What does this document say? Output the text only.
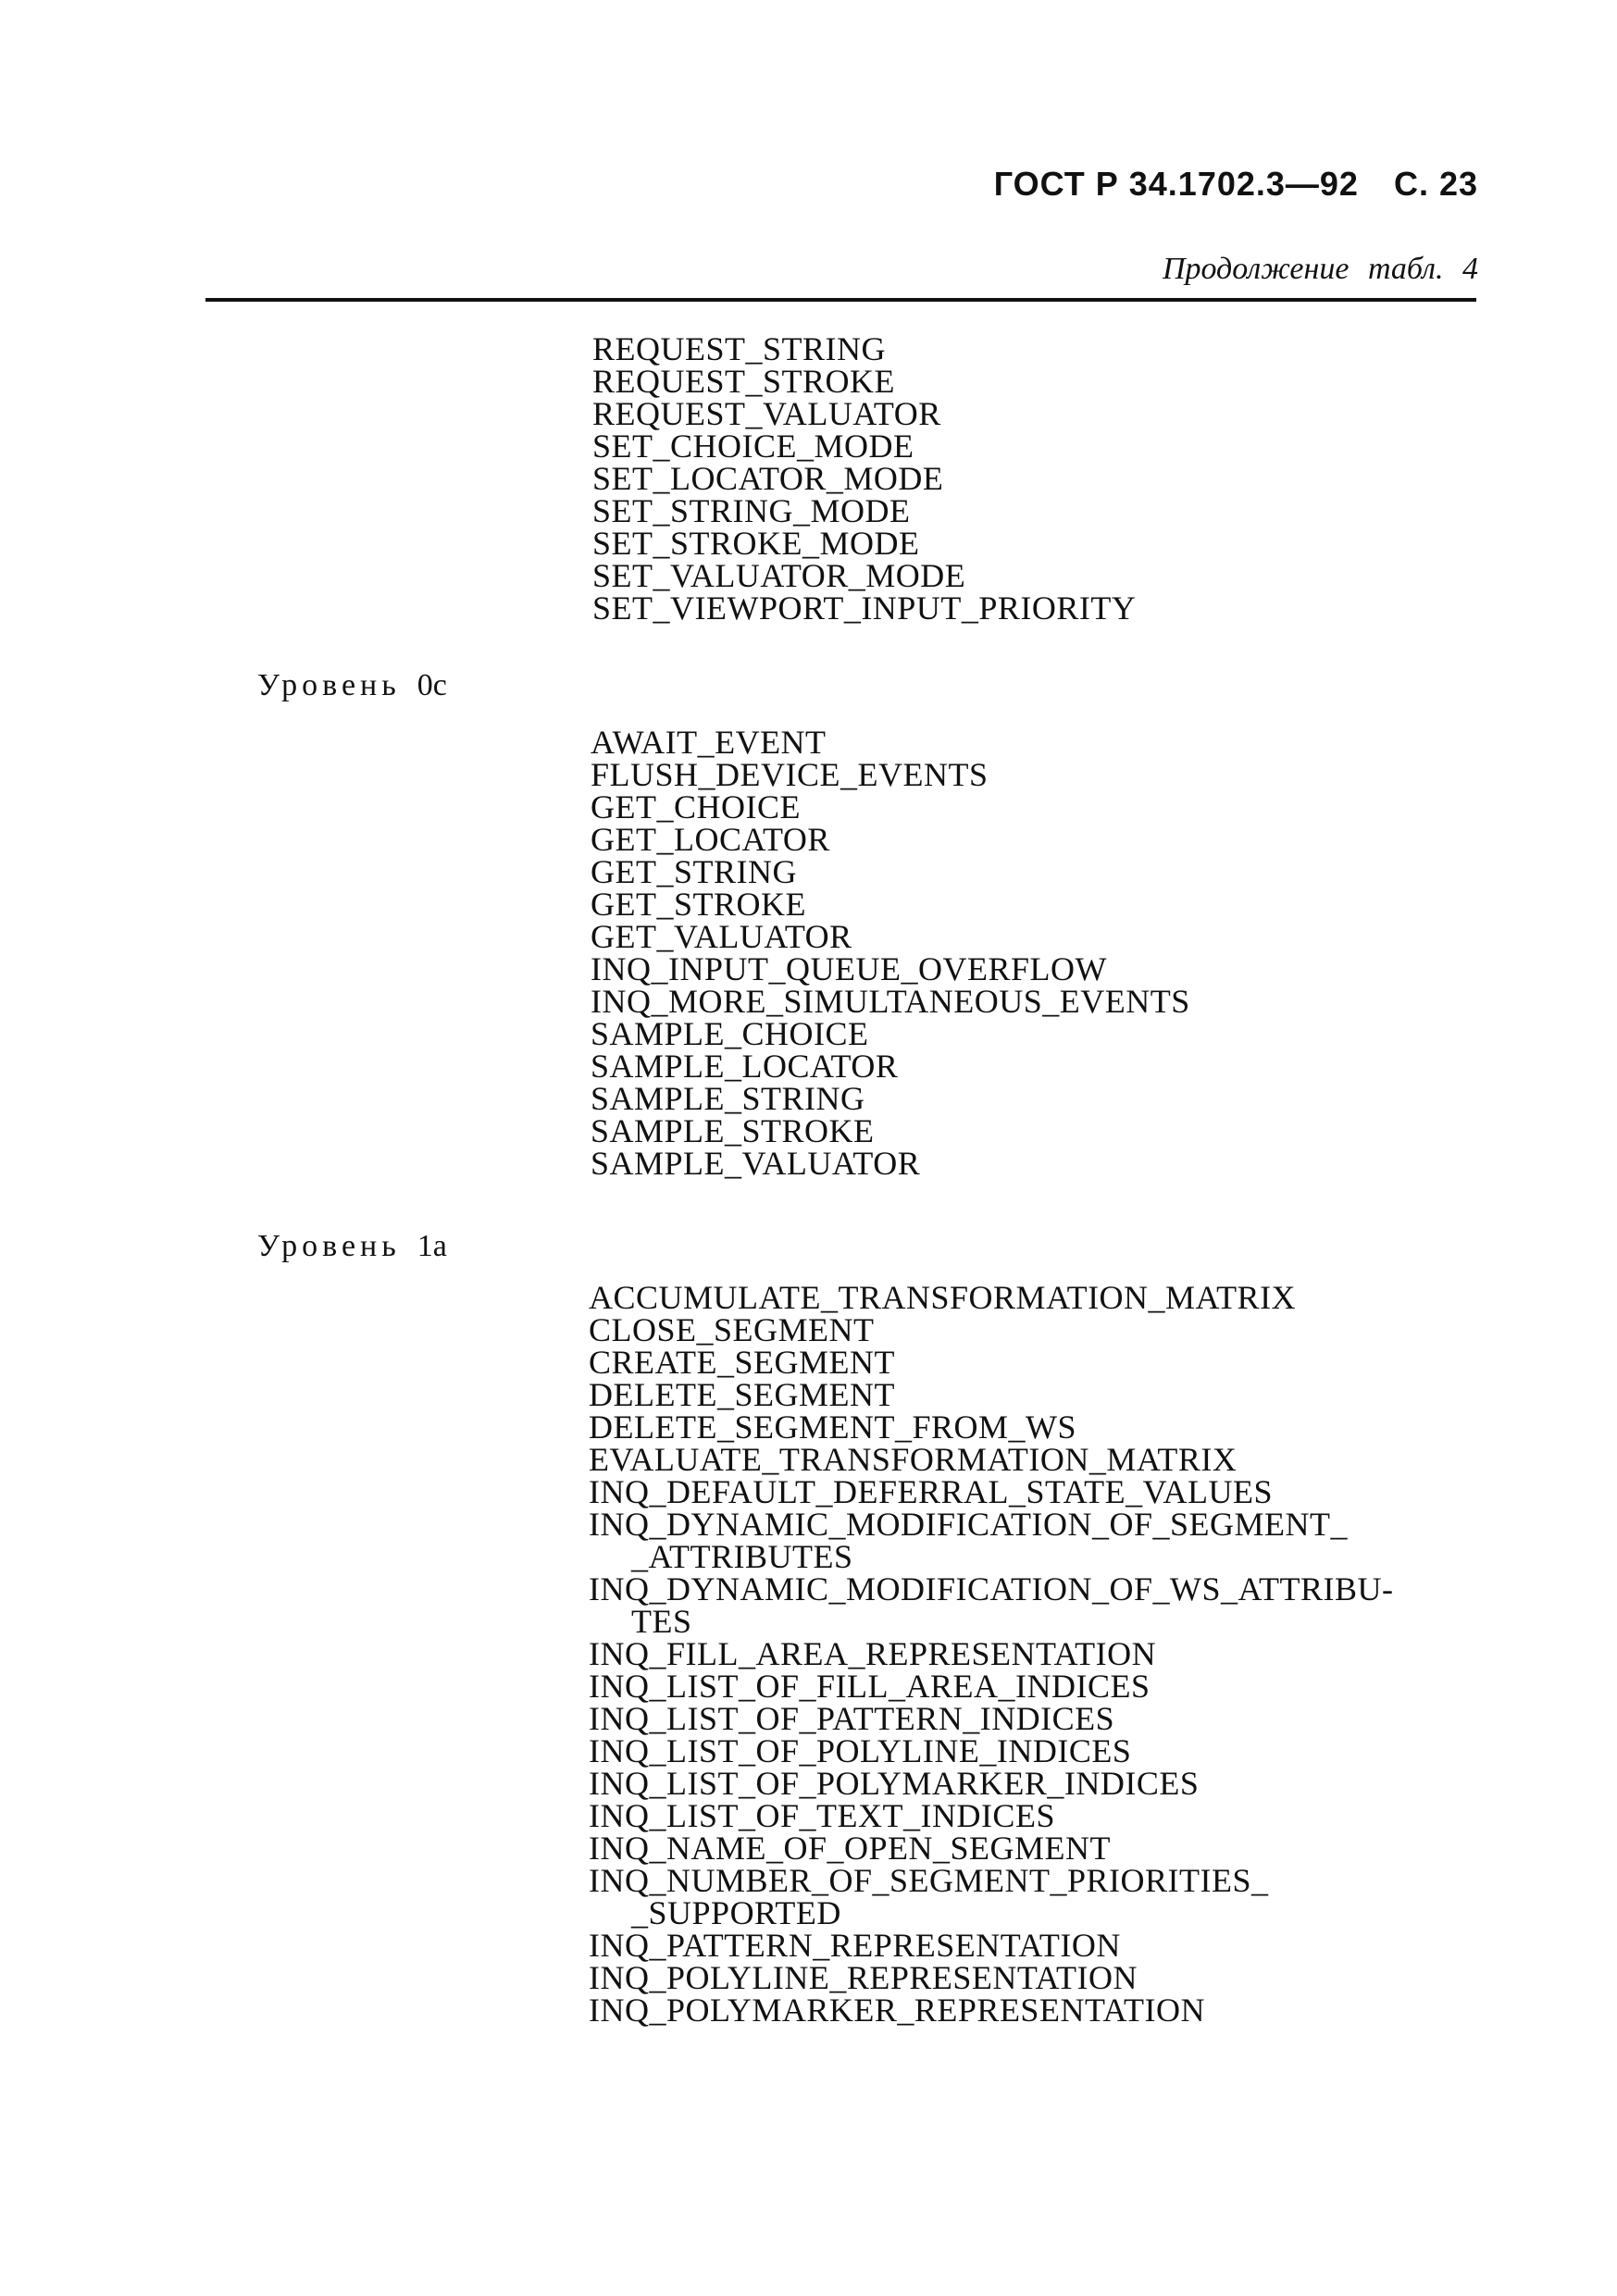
ГОСТ Р 34.1702.3—92 С. 23
Продолжение табл. 4
REQUEST_STRING
REQUEST_STROKE
REQUEST_VALUATOR
SET_CHOICE_MODE
SET_LOCATOR_MODE
SET_STRING_MODE
SET_STROKE_MODE
SET_VALUATOR_MODE
SET_VIEWPORT_INPUT_PRIORITY
Уровень 0c
AWAIT_EVENT
FLUSH_DEVICE_EVENTS
GET_CHOICE
GET_LOCATOR
GET_STRING
GET_STROKE
GET_VALUATOR
INQ_INPUT_QUEUE_OVERFLOW
INQ_MORE_SIMULTANEOUS_EVENTS
SAMPLE_CHOICE
SAMPLE_LOCATOR
SAMPLE_STRING
SAMPLE_STROKE
SAMPLE_VALUATOR
Уровень 1a
ACCUMULATE_TRANSFORMATION_MATRIX
CLOSE_SEGMENT
CREATE_SEGMENT
DELETE_SEGMENT
DELETE_SEGMENT_FROM_WS
EVALUATE_TRANSFORMATION_MATRIX
INQ_DEFAULT_DEFERRAL_STATE_VALUES
INQ_DYNAMIC_MODIFICATION_OF_SEGMENT_
_ATTRIBUTES
INQ_DYNAMIC_MODIFICATION_OF_WS_ATTRIBU-
TES
INQ_FILL_AREA_REPRESENTATION
INQ_LIST_OF_FILL_AREA_INDICES
INQ_LIST_OF_PATTERN_INDICES
INQ_LIST_OF_POLYLINE_INDICES
INQ_LIST_OF_POLYMARKER_INDICES
INQ_LIST_OF_TEXT_INDICES
INQ_NAME_OF_OPEN_SEGMENT
INQ_NUMBER_OF_SEGMENT_PRIORITIES_
_SUPPORTED
INQ_PATTERN_REPRESENTATION
INQ_POLYLINE_REPRESENTATION
INQ_POLYMARKER_REPRESENTATION
